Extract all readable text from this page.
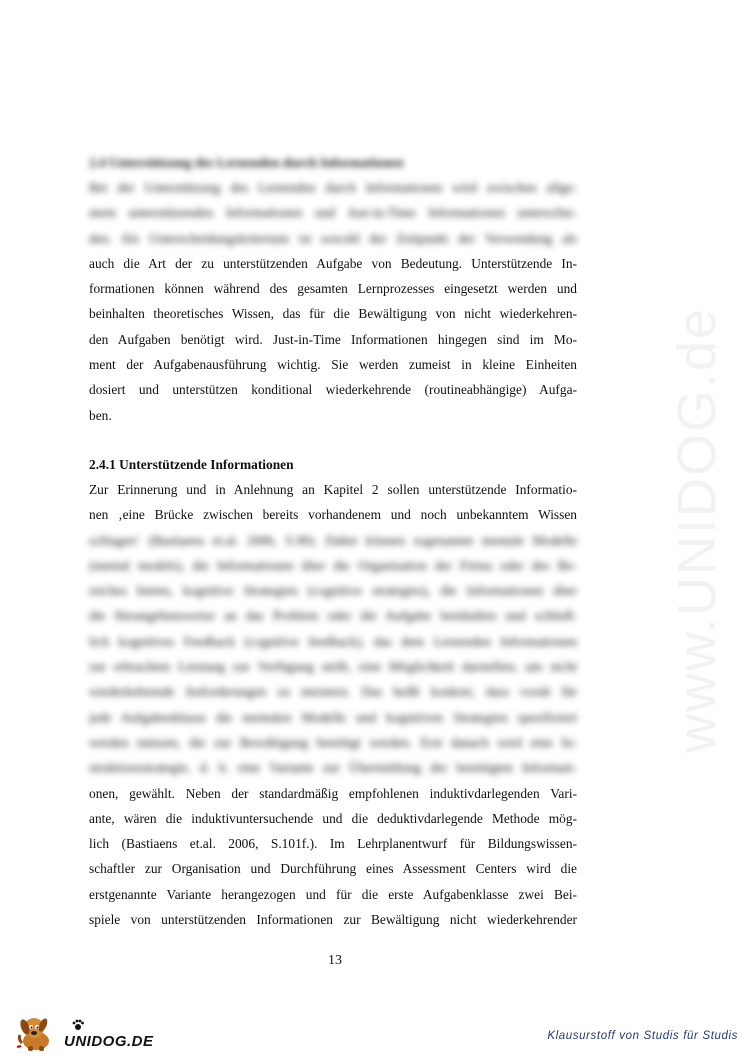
www.UNIDOG.de

2.4 Unterstützung des Lernenden durch Informationen

Bei der Unterstützung des Lernenden durch Informationen wird zwischen allge-

mein unterstützenden Informationen und Just-in-Time Informationen unterschie-

den. Als Unterscheidungskriterium ist sowohl der Zeitpunkt der Verwendung als

auch die Art der zu unterstützenden Aufgabe von Bedeutung. Unterstützende In-

formationen können während des gesamten Lernprozesses eingesetzt werden und

beinhalten theoretisches Wissen, das für die Bewältigung von nicht wiederkehren-

den Aufgaben benötigt wird. Just-in-Time Informationen hingegen sind im Mo-

ment der Aufgabenausführung wichtig. Sie werden zumeist in kleine Einheiten

dosiert und unterstützen konditional wiederkehrende (routineabhängige) Aufga-

ben.

2.4.1 Unterstützende Informationen

Zur Erinnerung und in Anlehnung an Kapitel 2 sollen unterstützende Informatio-

nen ‚eine Brücke zwischen bereits vorhandenem und noch unbekanntem Wissen

schlagen‘ (Bastiaens et.al. 2006, S.90). Dabei können sogenannte mentale Modelle

(mental models), die Informationen über die Organisation der Firma oder des Be-

reiches bieten, kognitive Strategien (cognitive strategies), die Informationen über

die Herangehensweise an das Problem oder die Aufgabe beinhalten und schließ-

lich kognitives Feedback (cognitive feedback), das dem Lernenden Informationen

zur erbrachten Leistung zur Verfügung stellt, eine Möglichkeit darstellen, um nicht

wiederkehrende Anforderungen zu meistern. Das heißt konkret, dass vorab für

jede Aufgabenklasse die mentalen Modelle und kognitiven Strategien spezifiziert

werden müssen, die zur Bewältigung benötigt werden. Erst danach wird eine In-

struktionsstrategie, d. h. eine Variante zur Übermittlung der benötigten Informati-

onen, gewählt. Neben der standardmäßig empfohlenen induktivdarlegenden Vari-

ante, wären die induktivuntersuchende und die deduktivdarlegende Methode mög-

lich (Bastiaens et.al. 2006, S.101f.). Im Lehrplanentwurf für Bildungswissen-

schaftler zur Organisation und Durchführung eines Assessment Centers wird die

erstgenannte Variante herangezogen und für die erste Aufgabenklasse zwei Bei-

spiele von unterstützenden Informationen zur Bewältigung nicht wiederkehrender

13
UNIDOG.DE	Klausurstoff von Studis für Studis
